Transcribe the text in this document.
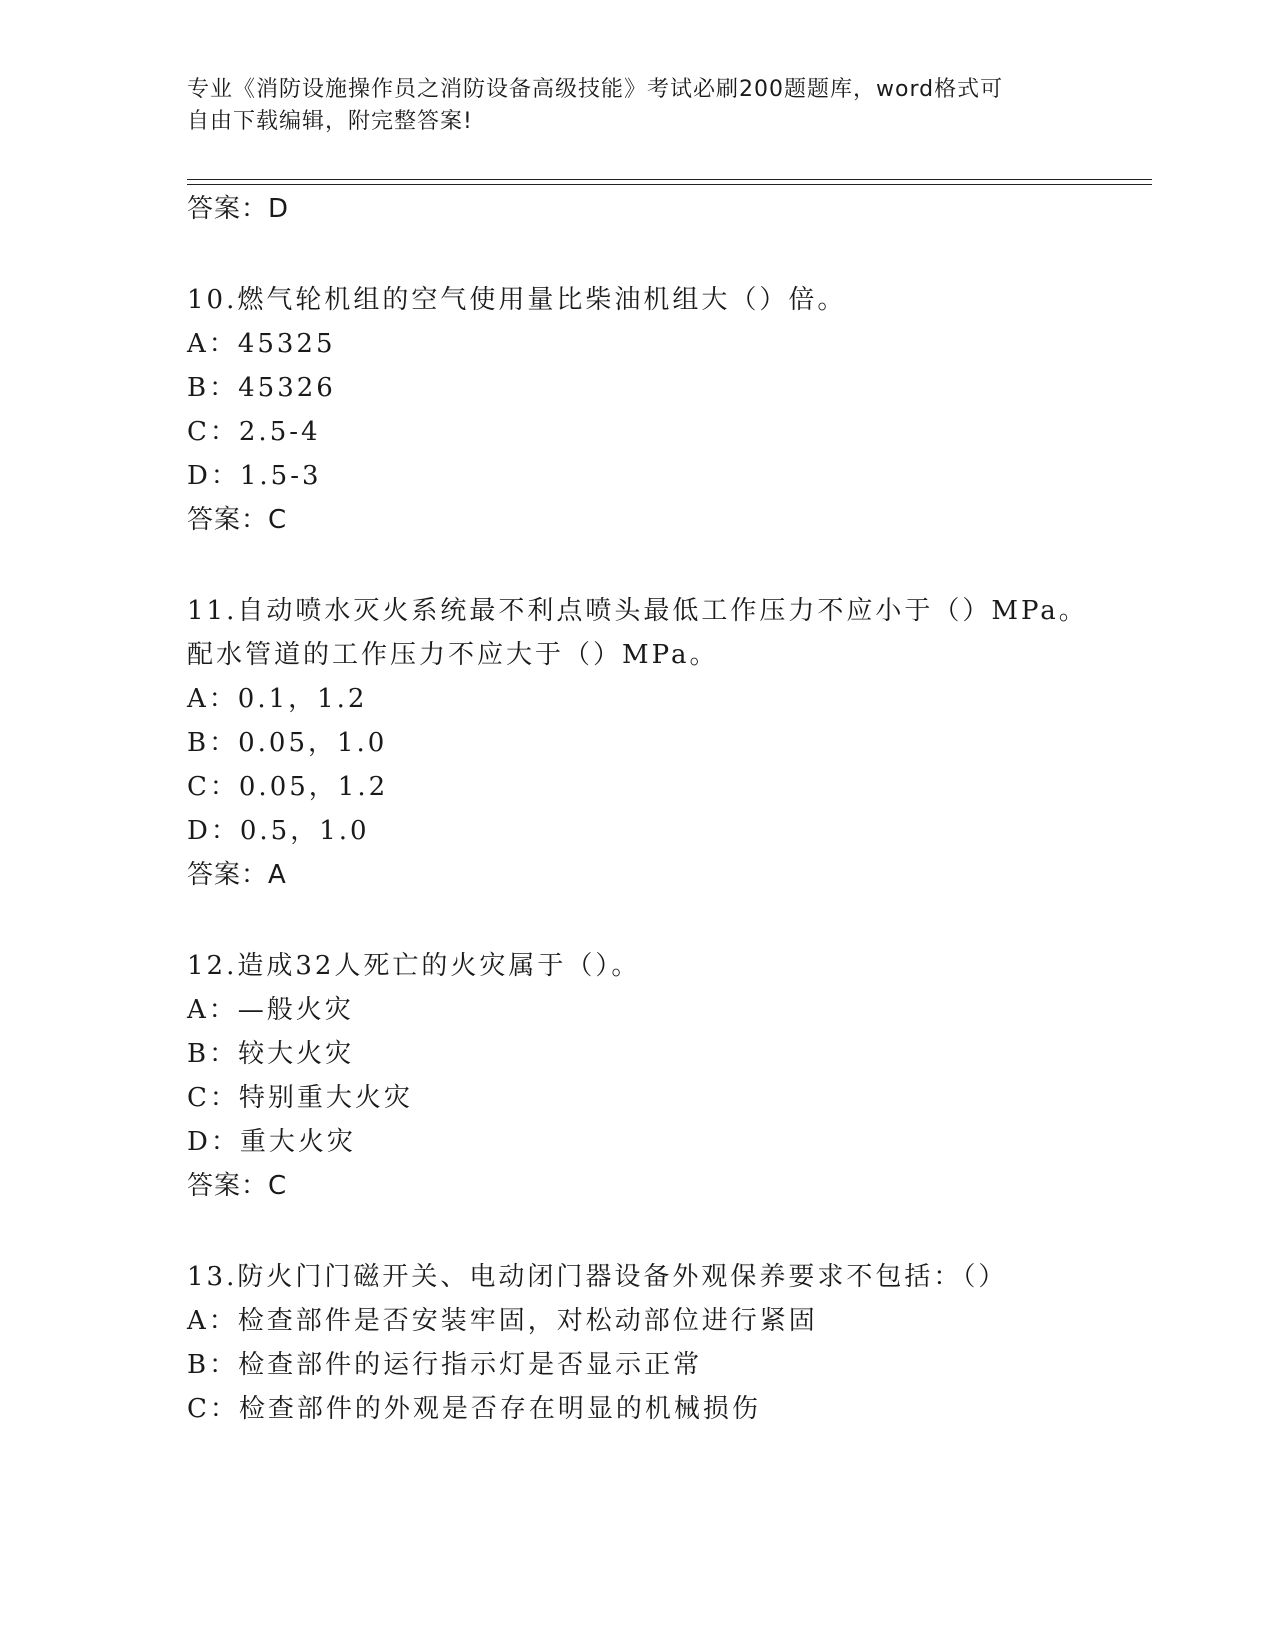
专业《消防设施操作员之消防设备高级技能》考试必刷200题题库，word格式可
自由下载编辑，附完整答案!
答案：D
10.燃气轮机组的空气使用量比柴油机组大（）倍。
A：45325
B：45326
C：2.5-4
D：1.5-3
答案：C
11.自动喷水灭火系统最不利点喷头最低工作压力不应小于（）MPa。
配水管道的工作压力不应大于（）MPa。
A：0.1，1.2
B：0.05，1.0
C：0.05，1.2
D：0.5，1.0
答案：A
12.造成32人死亡的火灾属于（）。
A：—般火灾
B：较大火灾
C：特别重大火灾
D：重大火灾
答案：C
13.防火门门磁开关、电动闭门器设备外观保养要求不包括：（）
A：检查部件是否安装牢固，对松动部位进行紧固
B：检查部件的运行指示灯是否显示正常
C：检查部件的外观是否存在明显的机械损伤
